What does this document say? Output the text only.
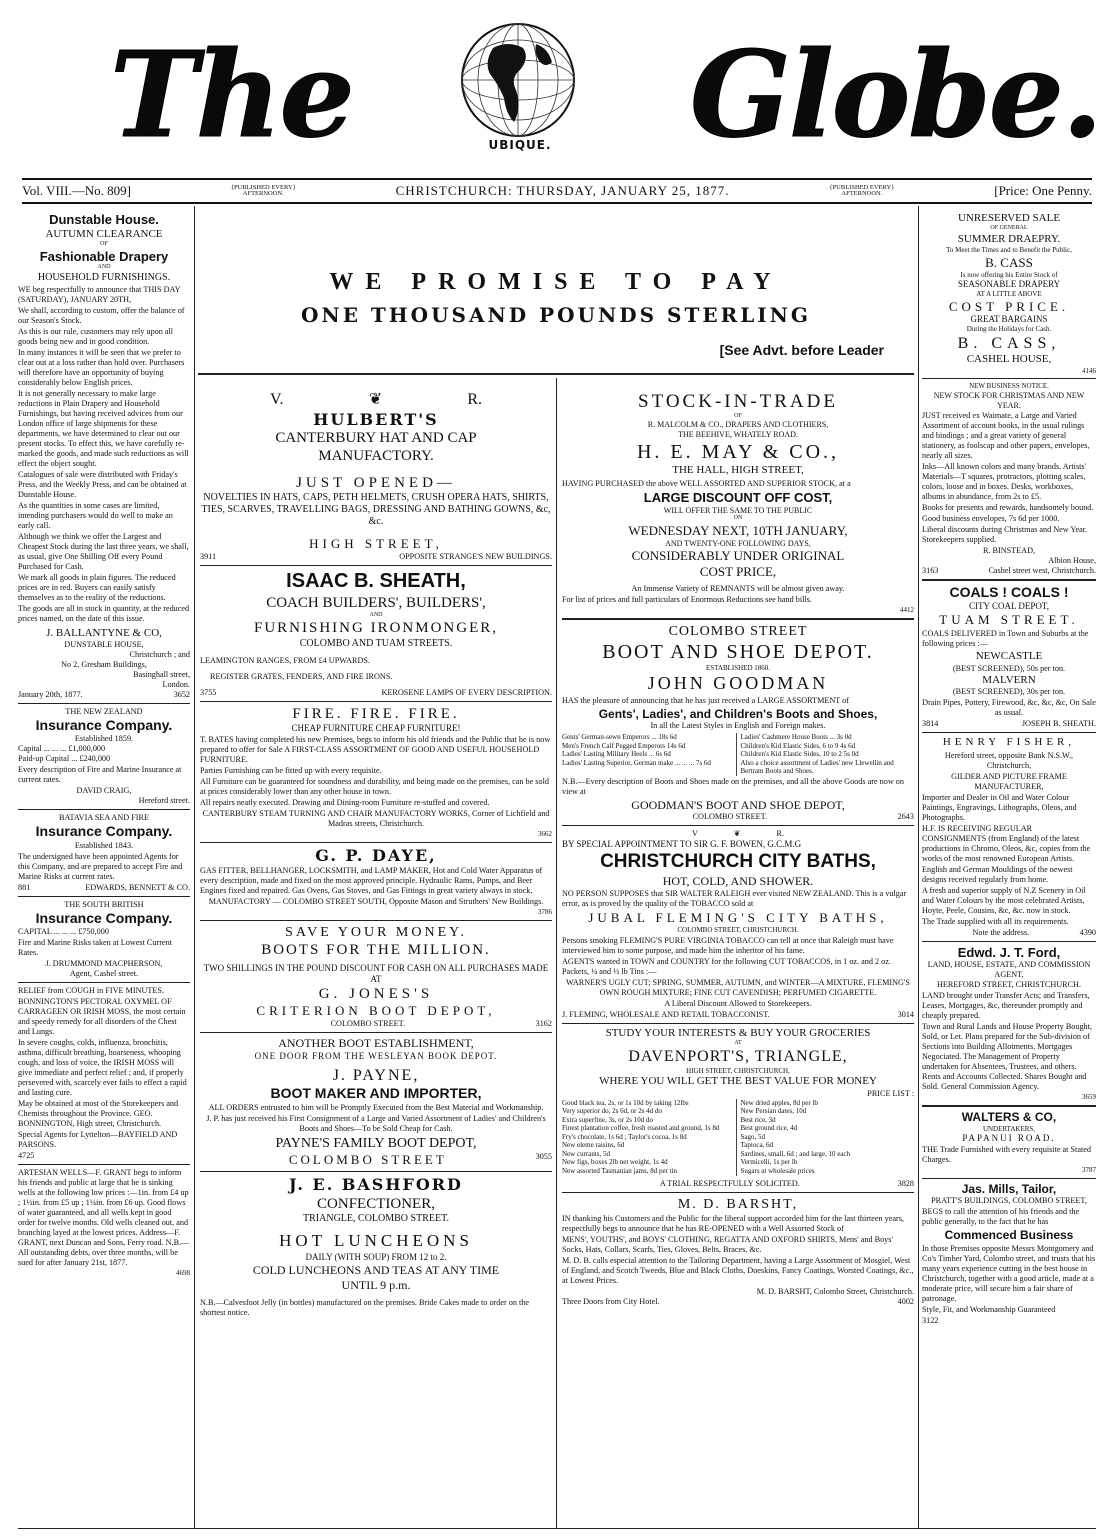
The	UBIQUE. Globe.
Vol. VIII.—No. 809]	{PUBLISHED EVERY}
AFTERNOON.	CHRISTCHURCH: THURSDAY, JANUARY 25, 1877.	{PUBLISHED EVERY}
AFTERNOON.	[Price: One Penny.
Dunstable House.
AUTUMN CLEARANCE
OF
Fashionable Drapery
AND
HOUSEHOLD FURNISHINGS.

WE beg respectfully to announce that THIS DAY (SATURDAY), JANUARY 20TH,

We shall, according to custom, offer the balance of our Season's Stock.

As this is our rule, customers may rely upon all goods being new and in good condition.

In many instances it will be seen that we prefer to clear out at a loss rather than hold over. Purchasers will therefore have an opportunity of buying considerably below English prices.

It is not generally necessary to make large reductions in Plain Drapery and Household Furnishings, but having received advices from our London office of large shipments for these departments, we have determined to clear out our present stocks. To effect this, we have carefully re-marked the goods, and made such reductions as will effect the object sought.

Catalogues of sale were distributed with Friday's Press, and the Weekly Press, and can be obtained at Dunstable House.

As the quantities in some cases are limited, intending purchasers would do well to make an early call.

Although we think we offer the Largest and Cheapest Stock during the last three years, we shall, as usual, give One Shilling Off every Pound Purchased for Cash.

We mark all goods in plain figures. The reduced prices are in red. Buyers can easily satisfy themselves as to the reality of the reductions.

The goods are all in stock in quantity, at the reduced prices named, on the date of this issue.

J. BALLANTYNE & CO,
DUNSTABLE HOUSE,
Christchurch ; and
No 2, Gresham Buildings,
Basinghall street,
London.
January 20th, 1877.	3652
THE NEW ZEALAND
Insurance Company.
Established 1859.
Capital ... ... ... £1,000,000
Paid-up Capital ... £240,000

Every description of Fire and Marine Insurance at current rates.

DAVID CRAIG,
Hereford street.
BATAVIA SEA AND FIRE
Insurance Company.
Established 1843.

The undersigned have been appointed Agents for this Company, and are prepared to accept Fire and Marine Risks at current rates.

881	EDWARDS, BENNETT & CO.
THE SOUTH BRITISH
Insurance Company.
CAPITAL ... ... ... £750,000

Fire and Marine Risks taken at Lowest Current Rates.

J. DRUMMOND MACPHERSON,
Agent, Cashel street.
RELIEF from COUGH in FIVE MINUTES.

BONNINGTON'S PECTORAL OXYMEL OF CARRAGEEN OR IRISH MOSS, the most certain and speedy remedy for all disorders of the Chest and Lungs.

In severe coughs, colds, influenza, bronchitis, asthma, difficult breathing, hoarseness, whooping cough, and loss of voice, the IRISH MOSS will give immediate and perfect relief ; and, if properly persevered with, scarcely ever fails to effect a rapid and lasting cure.

May be obtained at most of the Storekeepers and Chemists throughout the Province. GEO. BONNINGTON, High street, Christchurch.

Special Agents for Lyttelton—BAYFIELD AND PARSONS.

4725

ARTESIAN WELLS—F. GRANT begs to inform his friends and public at large that he is sinking wells at the following low prices :—1in. from £4 up ; 1½in. from £5 up ; 1¼in. from £6 up. Good flows of water guaranteed, and all wells kept in good order for twelve months. Old wells cleaned out, and branching layed at the lowest prices. Address—F. GRANT, next Duncan and Sons, Ferry road. N.B.—All outstanding debts, over three months, will be sued for after January 21st, 1877.

4698
WE PROMISE TO PAY
ONE THOUSAND POUNDS STERLING
[See Advt. before Leader
V.	❦	R.
HULBERT'S
CANTERBURY HAT AND CAP
MANUFACTORY.
JUST OPENED—
NOVELTIES IN HATS, CAPS, PETH HELMETS, CRUSH OPERA HATS, SHIRTS, TIES, SCARVES, TRAVELLING BAGS, DRESSING AND BATHING GOWNS, &c, &c.
HIGH STREET,
3911	OPPOSITE STRANGE'S NEW BUILDINGS.
ISAAC B. SHEATH,
COACH BUILDERS', BUILDERS',
AND
FURNISHING IRONMONGER,
COLOMBO AND TUAM STREETS.

LEAMINGTON RANGES, FROM £4 UPWARDS.

REGISTER GRATES, FENDERS, AND FIRE IRONS.

3755	KEROSENE LAMPS OF EVERY DESCRIPTION.
FIRE. FIRE. FIRE.
CHEAP FURNITURE CHEAP FURNITURE!

T. BATES having completed his new Premises, begs to inform his old friends and the Public that he is now prepared to offer for Sale A FIRST-CLASS ASSORTMENT OF GOOD AND USEFUL HOUSEHOLD FURNITURE.

Parties Furnishing can be fitted up with every requisite.

All Furniture can be guaranteed for soundness and durability, and being made on the premises, can be sold at prices considerably lower than any other house in town.

All repairs neatly executed. Drawing and Dining-room Furniture re-stuffed and covered.

CANTERBURY STEAM TURNING AND CHAIR MANUFACTORY WORKS, Corner of Lichfield and Madras streets, Christchurch.

3662
G. P. DAYE,

GAS FITTER, BELLHANGER, LOCKSMITH, and LAMP MAKER, Hot and Cold Water Apparatus of every description, made and fixed on the most approved principle. Hydraulic Rams, Pumps, and Beer Engines fixed and repaired. Gas Ovens, Gas Stoves, and Gas Fittings in great variety always in stock.

MANUFACTORY — COLOMBO STREET SOUTH, Opposite Mason and Struthers' New Buildings.

3786
SAVE YOUR MONEY.
BOOTS FOR THE MILLION.
TWO SHILLINGS IN THE POUND DISCOUNT FOR CASH ON ALL PURCHASES MADE AT
G. JONES'S
CRITERION BOOT DEPOT,
COLOMBO STREET.	3162
ANOTHER BOOT ESTABLISHMENT,
ONE DOOR FROM THE WESLEYAN BOOK DEPOT.
J. PAYNE,
BOOT MAKER AND IMPORTER,

ALL ORDERS entrusted to him will be Promptly Executed from the Best Material and Workmanship.

J. P. has just received his First Consignment of a Large and Varied Assortment of Ladies' and Children's Boots and Shoes—To be Sold Cheap for Cash.

PAYNE'S FAMILY BOOT DEPOT,
COLOMBO STREET	3055
J. E. BASHFORD
CONFECTIONER,
TRIANGLE, COLOMBO STREET.
HOT LUNCHEONS
DAILY (WITH SOUP) FROM 12 to 2.
COLD LUNCHEONS AND TEAS AT ANY TIME
UNTIL 9 p.m.

N.B.—Calvesfoot Jelly (in bottles) manufactured on the premises. Bride Cakes made to order on the shortest notice.

STOCK-IN-TRADE
OF
R. MALCOLM & CO., DRAPERS AND CLOTHIERS,
THE BEEHIVE, WHATELY ROAD.
H. E. MAY & CO.,
THE HALL, HIGH STREET,

HAVING PURCHASED the above WELL ASSORTED AND SUPERIOR STOCK, at a

LARGE DISCOUNT OFF COST,
WILL OFFER THE SAME TO THE PUBLIC
ON
WEDNESDAY NEXT, 10TH JANUARY,
AND TWENTY-ONE FOLLOWING DAYS,
CONSIDERABLY UNDER ORIGINAL
COST PRICE,

An Immense Variety of REMNANTS will be almost given away.

For list of prices and full particulars of Enormous Reductions see hand bills.

4412
COLOMBO STREET
BOOT AND SHOE DEPOT.
ESTABLISHED 1860.
JOHN GOODMAN

HAS the pleasure of announcing that he has just received a LARGE ASSORTMENT of

Gents', Ladies', and Children's Boots and Shoes,
In all the Latest Styles in English and Foreign makes.
Gents' German-sewn Emperors ... 18s 6d
Men's French Calf Pegged Emperors 14s 6d
Ladies' Lasting Military Heels ... 6s 6d
Ladies' Lasting Superior, German make ... ... ... 7s 6d
Ladies' Cashmere House Boots ... 3s 0d
Children's Kid Elastic Sides, 6 to 9 4s 6d
Children's Kid Elastic Sides, 10 to 2 5s 0d
Also a choice assortment of Ladies' new Llewellin and Bertram Boots and Shoes.

N.B.—Every description of Boots and Shoes made on the premises, and all the above Goods are now on view at

GOODMAN'S BOOT AND SHOE DEPOT,
COLOMBO STREET.	2643
V	❦	R.
BY SPECIAL APPOINTMENT TO SIR G. F. BOWEN, G.C.M.G
CHRISTCHURCH CITY BATHS,
HOT, COLD, AND SHOWER.

NO PERSON SUPPOSES that SIR WALTER RALEIGH ever visited NEW ZEALAND. This is a vulgar error, as is proved by the quality of the TOBACCO sold at

JUBAL FLEMING'S CITY BATHS,
COLOMBO STREET, CHRISTCHURCH.

Persons smoking FLEMING'S PURE VIRGINIA TOBACCO can tell at once that Raleigh must have interviewed him to some purpose, and made him the inheritor of his fame.

AGENTS wanted in TOWN and COUNTRY for the following CUT TOBACCOS, in 1 oz. and 2 oz. Packets, ¼ and ½ lb Tins :—

WARNER'S UGLY CUT; SPRING, SUMMER, AUTUMN, and WINTER—A MIXTURE, FLEMING'S OWN ROUGH MIXTURE; FINE CUT CAVENDISH; PERFUMED CIGARETTE.

A Liberal Discount Allowed to Storekeepers.

J. FLEMING, WHOLESALE AND RETAIL TOBACCONIST.	3014
STUDY YOUR INTERESTS & BUY YOUR GROCERIES
AT
DAVENPORT'S, TRIANGLE,
HIGH STREET, CHRISTCHURCH,
WHERE YOU WILL GET THE BEST VALUE FOR MONEY
PRICE LIST :
Good black tea, 2s, or 1s 10d by taking 12lbs
Very superior do, 2s 6d, or 2s 4d do
Extra superfine, 3s, or 2s 10d do
Finest plantation coffee, fresh roasted and ground, 1s 8d
Fry's chocolate, 1s 6d ; Taylor's cocoa, 1s 8d
New eleme raisins, 6d
New currants, 5d
New figs, boxes 2lb net weight, 1s 4d
New assorted Tasmanian jams, 8d per tin
New dried apples, 8d per lb
New Persian dates, 10d
Best rice, 3d
Best ground rice, 4d
Sago, 5d
Tapioca, 6d
Sardines, small, 6d ; and large, 10 each
Vermicelli, 1s per lb
Sugars at wholesale prices
A TRIAL RESPECTFULLY SOLICITED.	3828
M. D. BARSHT,

IN thanking his Customers and the Public for the liberal support accorded him for the last thirteen years, respectfully begs to announce that he has RE-OPENED with a Well Assorted Stock of

MENS', YOUTHS', and BOYS' CLOTHING, REGATTA AND OXFORD SHIRTS, Mens' and Boys' Socks, Hats, Collars, Scarfs, Ties, Gloves, Belts, Braces, &c.

M. D. B. calls especial attention to the Tailoring Department, having a Large Assortment of Mosgiel, West of England, and Scotch Tweeds, Blue and Black Cloths, Doeskins, Fancy Coatings, Worsted Coatings, &c., at Lowest Prices.

M. D. BARSHT, Colombo Street, Christchurch.
Three Doors from City Hotel.	4002
UNRESERVED SALE
OF GENERAL
SUMMER DRAEPRY.
To Meet the Times and to Benefit the Public,
B. CASS
Is now offering his Entire Stock of
SEASONABLE DRAPERY
AT A LITTLE ABOVE
COST PRICE.
GREAT BARGAINS
During the Holidays for Cash.
B. CASS,
CASHEL HOUSE,
4146
NEW BUSINESS NOTICE.
NEW STOCK FOR CHRISTMAS AND NEW YEAR.

JUST received ex Waimate, a Large and Varied Assortment of account books, in the usual rulings and bindings ; and a great variety of general stationery, as foolscap and other papers, envelopes, nearly all sizes.

Inks—All known colors and many brands. Artists' Materials—T squares, protractors, plotting scales, colors, loose and in boxes. Desks, workboxes, albums in abundance, from 2s to £5.

Books for presents and rewards, handsomely bound.

Good business envelopes, 7s 6d per 1000.

Liberal discounts during Christmas and New Year. Storekeepers supplied.

R. BINSTEAD,
Albion House,
3163	Cashel street west, Christchurch.
COALS ! COALS !
CITY COAL DEPOT,
TUAM STREET.

COALS DELIVERED in Town and Suburbs at the following prices :—

NEWCASTLE
(BEST SCREENED), 50s per ton.
MALVERN
(BEST SCREENED), 30s per ton.

Drain Pipes, Pottery, Firewood, &c, &c, &c, On Sale as usual.

3814	JOSEPH B. SHEATH.
HENRY FISHER,

Hereford street, opposite Bank N.S.W., Christchurch,

GILDER AND PICTURE FRAME MANUFACTURER,

Importer and Dealer in Oil and Water Colour Paintings, Engravings, Lithographs, Oleos, and Photographs.

H.F. IS RECEIVING REGULAR CONSIGNMENTS (from England) of the latest productions in Chromo, Oleos, &c, copies from the works of the most renowned European Artists.

English and German Mouldings of the newest designs received regularly from home.

A fresh and superior supply of N.Z Scenery in Oil and Water Colours by the most celebrated Artists, Hoyte, Peele, Cousins, &c, &c. now in stock.

The Trade supplied with all its requirements.

Note the address.	4390
Edwd. J. T. Ford,
LAND, HOUSE, ESTATE, AND COMMISSION AGENT,
HEREFORD STREET, CHRISTCHURCH.

LAND brought under Transfer Acts; and Transfers, Leases, Mortgages, &c, thereunder promptly and cheaply prepared.

Town and Rural Lands and House Property Bought, Sold, or Let. Plans prepared for the Sub-division of Sections into Building Allotments. Mortgages Negociated. The Management of Property undertaken for Absentees, Trustees, and others. Rents and Accounts Collected. Shares Bought and Sold. General Commission Agency.

3659
WALTERS & CO,
UNDERTAKERS,
PAPANUI ROAD.

THE Trade Furnished with every requisite at Stated Charges.

3787
Jas. Mills, Tailor,
PRATT'S BUILDINGS, COLOMBO STREET,

BEGS to call the attention of his friends and the public generally, to the fact that he has

Commenced Business

In those Premises opposite Messrs Montgomery and Co's Timber Yard, Colombo street, and trusts that his many years experience cutting in the best house in Christchurch, together with a good article, made at a moderate price, will secure him a fair share of patronage.

Style, Fit, and Workmanship Guaranteed

3122
